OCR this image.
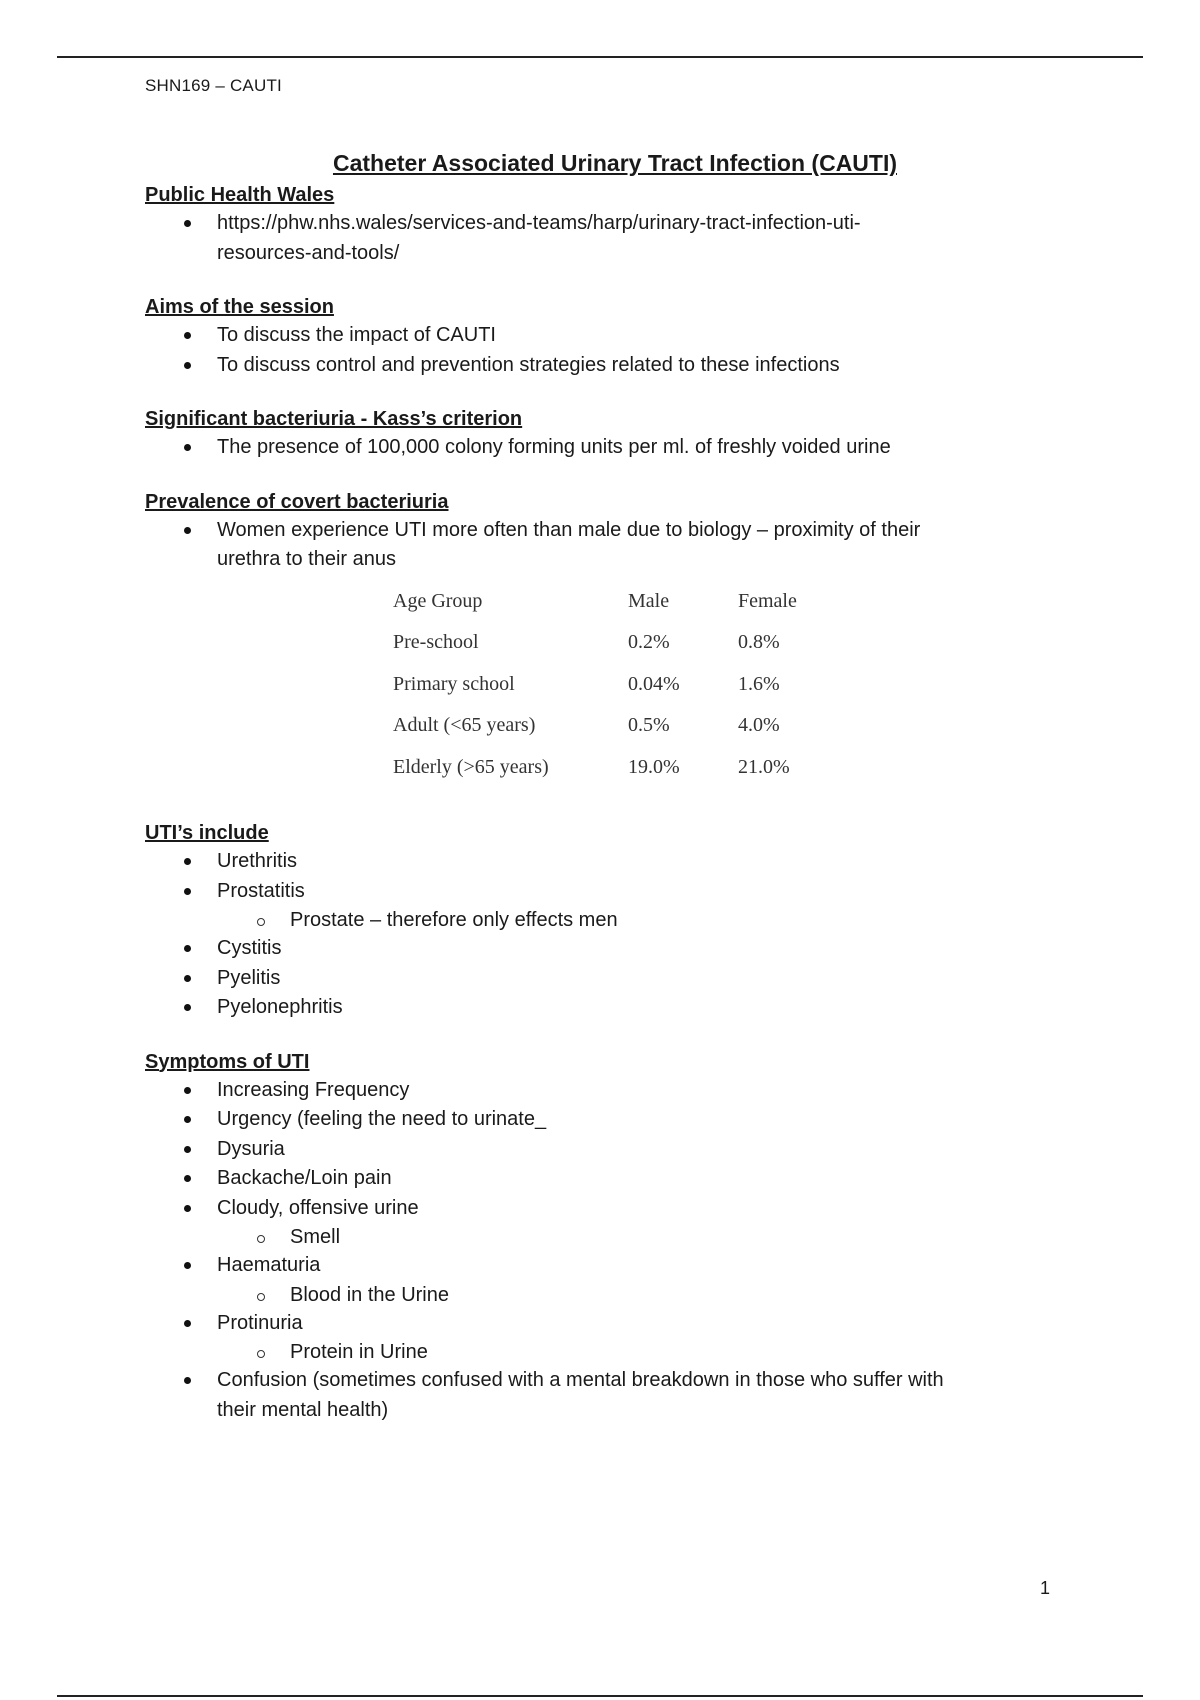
SHN169 – CAUTI
Catheter Associated Urinary Tract Infection (CAUTI)
Public Health Wales
https://phw.nhs.wales/services-and-teams/harp/urinary-tract-infection-uti-
resources-and-tools/
Aims of the session
To discuss the impact of CAUTI
To discuss control and prevention strategies related to these infections
Significant bacteriuria - Kass’s criterion
The presence of 100,000 colony forming units per ml. of freshly voided urine
Prevalence of covert bacteriuria
Women experience UTI more often than male due to biology – proximity of their
urethra to their anus
Age Group	Male	Female
Pre-school	0.2%	0.8%
Primary school	0.04%	1.6%
Adult (<65 years)	0.5%	4.0%
Elderly (>65 years)	19.0%	21.0%
UTI’s include
Urethritis
Prostatitis
Prostate – therefore only effects men
Cystitis
Pyelitis
Pyelonephritis
Symptoms of UTI
Increasing Frequency
Urgency (feeling the need to urinate_
Dysuria
Backache/Loin pain
Cloudy, offensive urine
Smell
Haematuria
Blood in the Urine
Protinuria
Protein in Urine
Confusion (sometimes confused with a mental breakdown in those who suffer with
their mental health)
1
